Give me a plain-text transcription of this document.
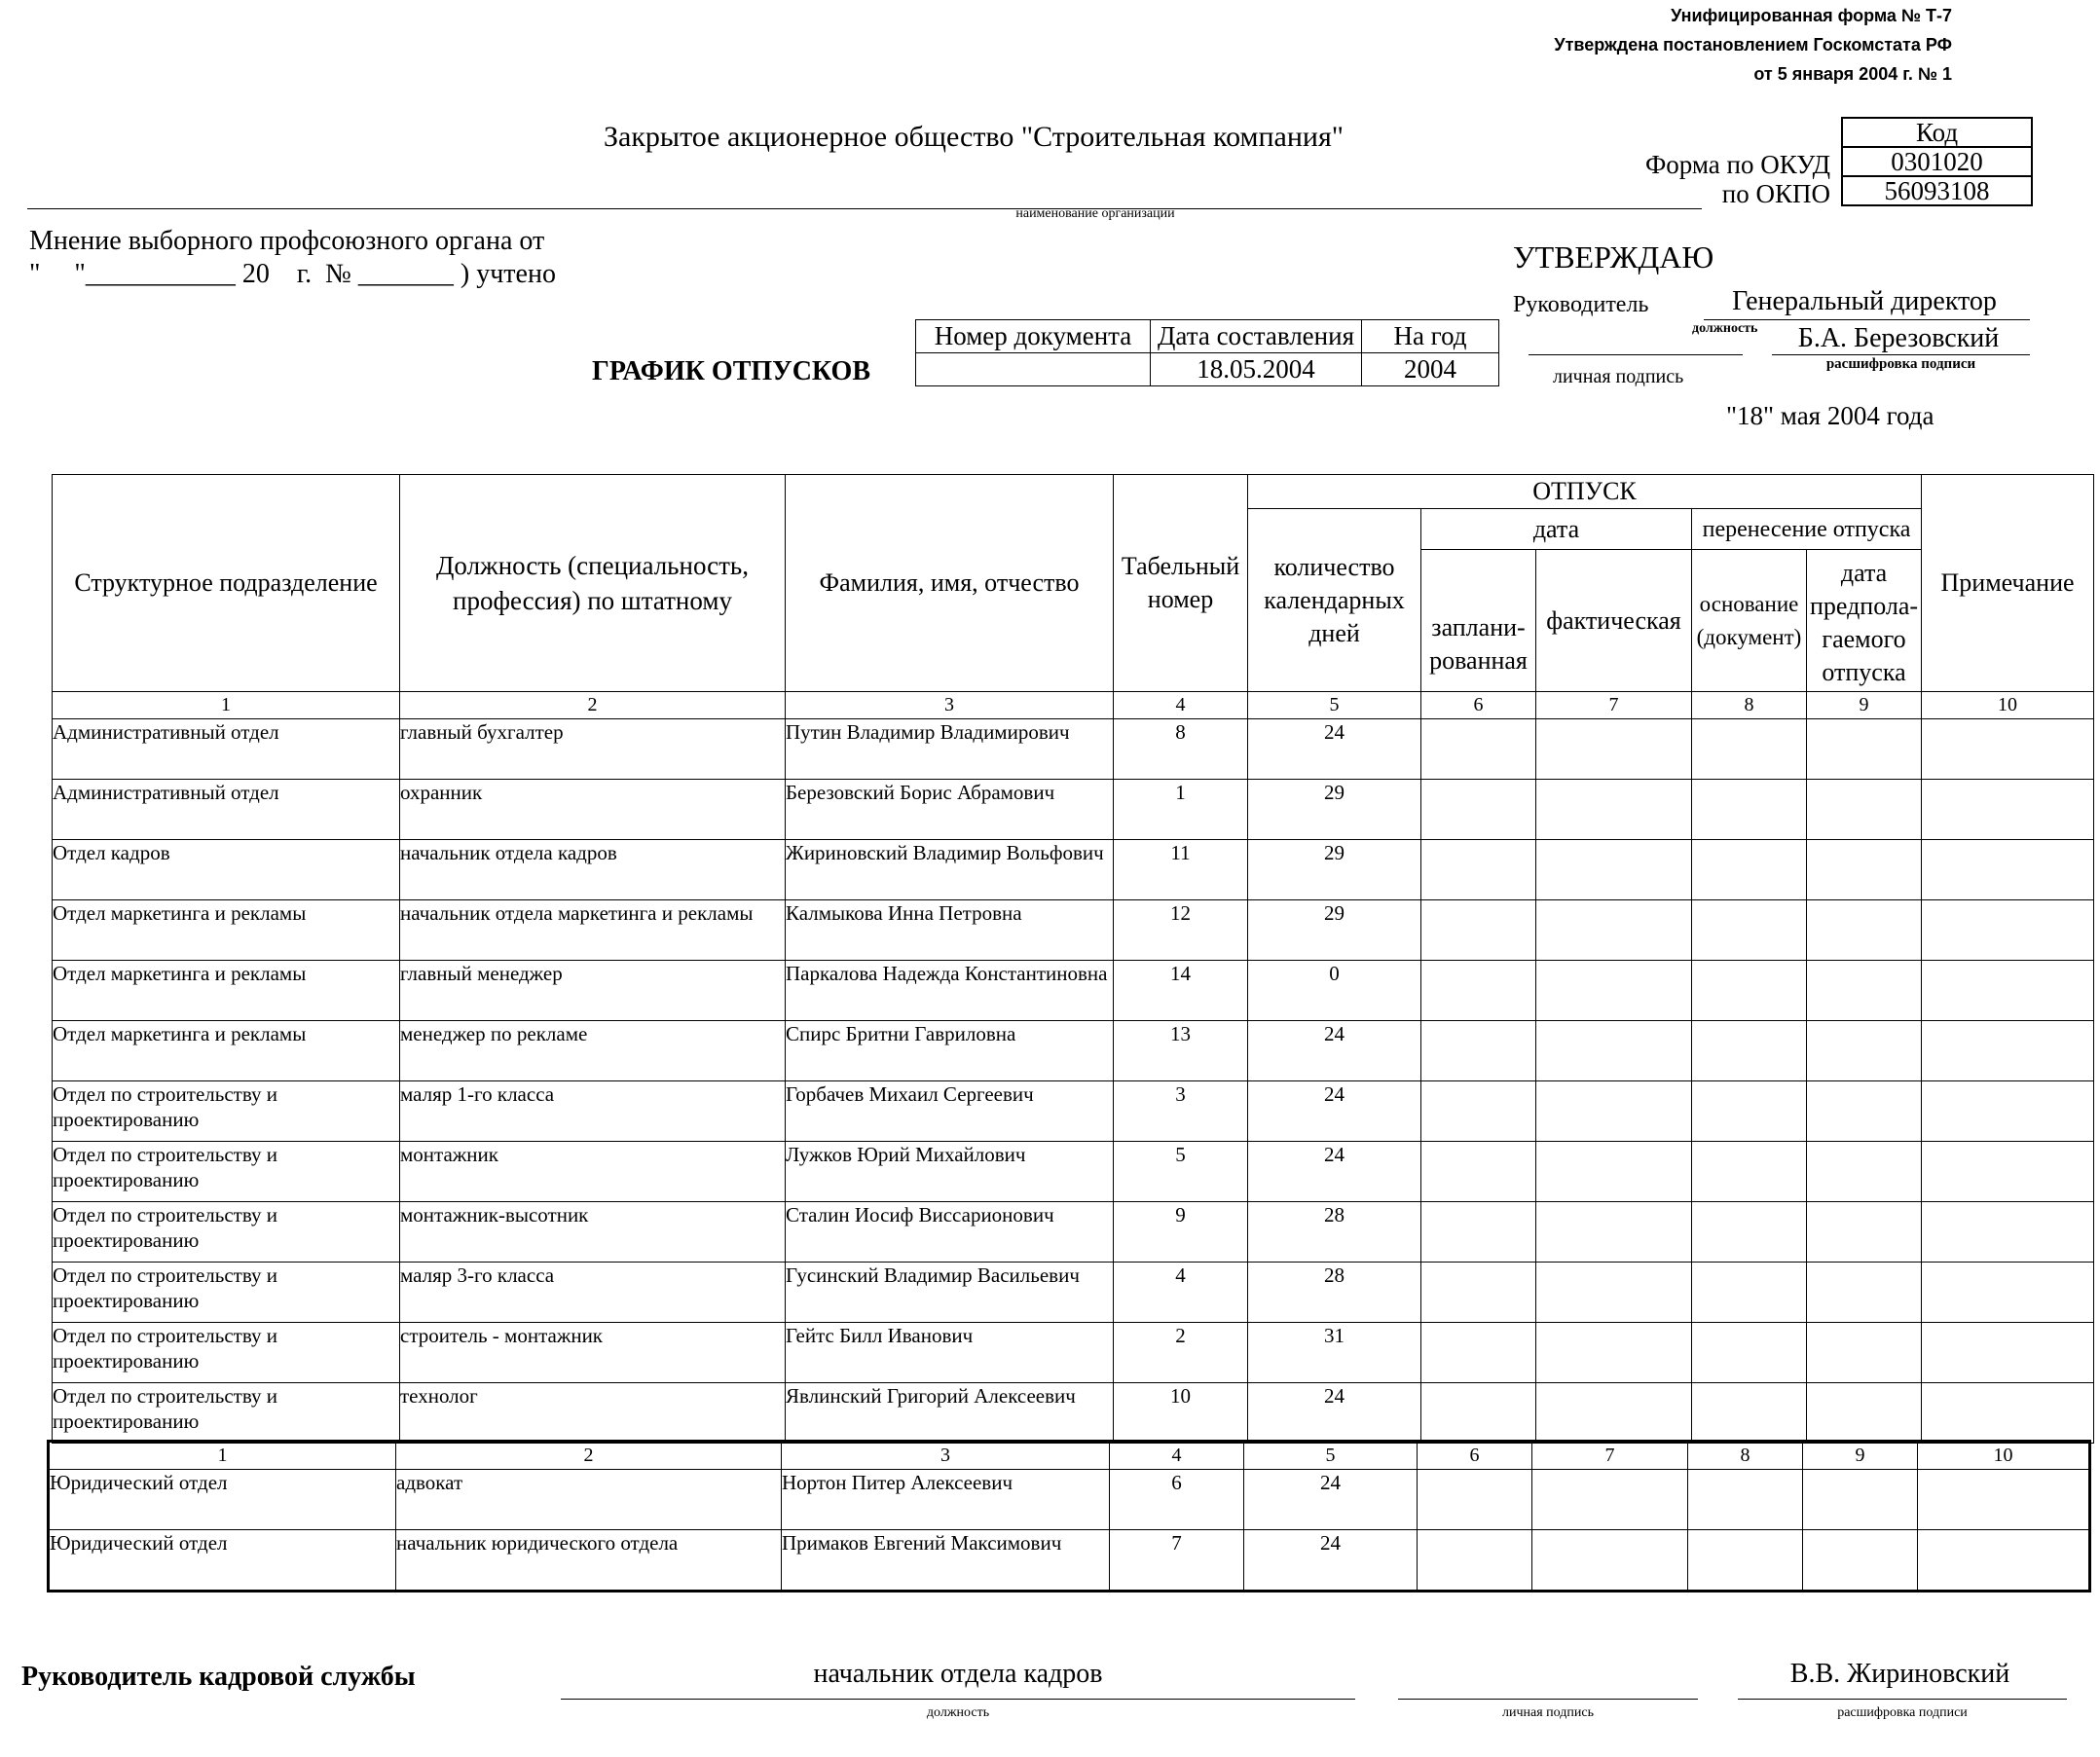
Унифицированная форма № Т-7
Утверждена постановлением Госкомстата РФ
от 5 января 2004 г. № 1
Закрытое акционерное общество "Строительная компания"
наименование организации
Форма по ОКУД
по ОКПО
Код
0301020
56093108
Мнение выборного профсоюзного органа от
"     "___________ 20    г.  № _______ ) учтено	УТВЕРЖДАЮ
Руководитель	Генеральный директор
должность	Б.А. Березовский
расшифровка подписи
личная подпись
"18" мая 2004 года
ГРАФИК ОТПУСКОВ
Номер документа	Дата составления	На год
	18.05.2004	2004
Структурное подразделение	Должность (специальность, профессия) по штатному	Фамилия, имя, отчество	Табельный номер	ОТПУСК					Примечание
				количество календарных дней	дата		перенесение отпуска		
					заплани-рованная	фактическая	основание (документ)	дата предпола-гаемого отпуска	
1	2	3	4	5	6	7	8	9	10
Административный отдел	главный бухгалтер	Путин Владимир Владимирович	8	24					
Административный отдел	охранник	Березовский Борис Абрамович	1	29					
Отдел кадров	начальник отдела кадров	Жириновский Владимир Вольфович	11	29					
Отдел маркетинга и рекламы	начальник отдела маркетинга и рекламы	Калмыкова Инна Петровна	12	29					
Отдел маркетинга и рекламы	главный менеджер	Паркалова Надежда Константиновна	14	0					
Отдел маркетинга и рекламы	менеджер по рекламе	Спирс Бритни Гавриловна	13	24					
Отдел по строительству и проектированию	маляр 1-го класса	Горбачев Михаил Сергеевич	3	24					
Отдел по строительству и проектированию	монтажник	Лужков Юрий Михайлович	5	24					
Отдел по строительству и проектированию	монтажник-высотник	Сталин Иосиф Виссарионович	9	28					
Отдел по строительству и проектированию	маляр 3-го класса	Гусинский Владимир Васильевич	4	28					
Отдел по строительству и проектированию	строитель - монтажник	Гейтс Билл Иванович	2	31					
Отдел по строительству и проектированию	технолог	Явлинский Григорий Алексеевич	10	24					
1	2	3	4	5	6	7	8	9	10
Юридический отдел	адвокат	Нортон Питер Алексеевич	6	24					
Юридический отдел	начальник юридического отдела	Примаков Евгений Максимович	7	24					
Руководитель кадровой службы	начальник отдела кадров
должность	личная подпись
В.В. Жириновский
расшифровка подписи
